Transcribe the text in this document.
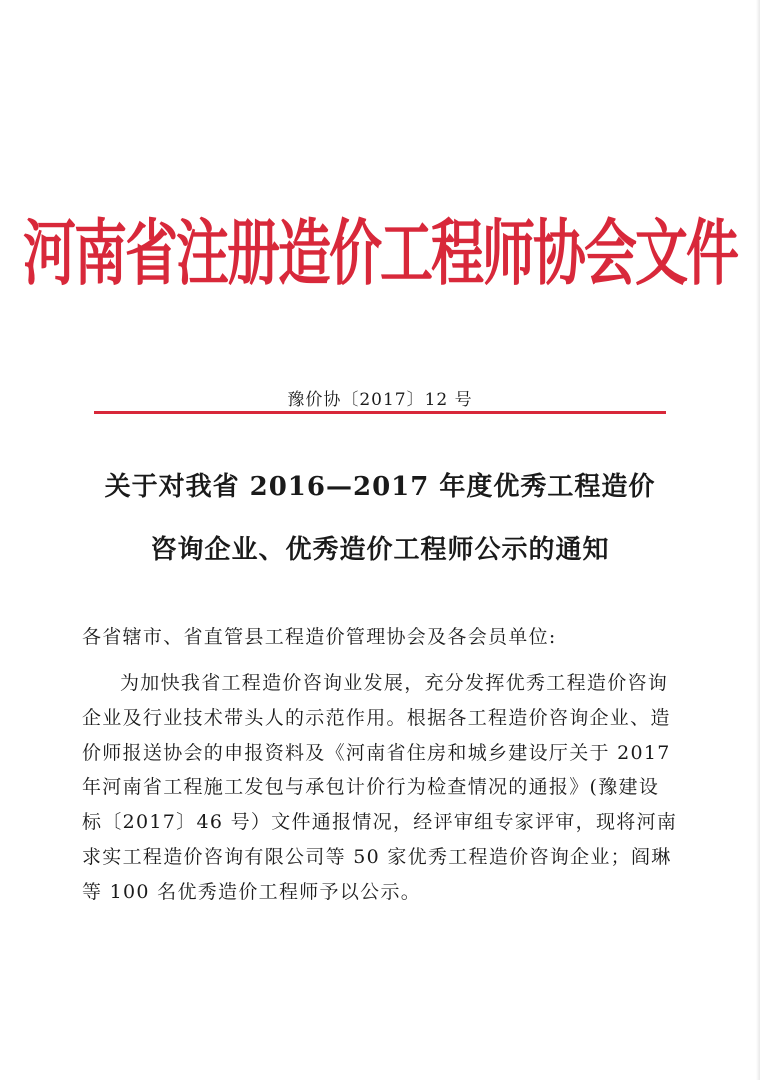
河南省注册造价工程师协会文件
豫价协〔2017〕12 号
关于对我省 2016—2017 年度优秀工程造价
咨询企业、优秀造价工程师公示的通知
各省辖市、省直管县工程造价管理协会及各会员单位:
为加快我省工程造价咨询业发展，充分发挥优秀工程造价咨询
企业及行业技术带头人的示范作用。根据各工程造价咨询企业、造
价师报送协会的申报资料及《河南省住房和城乡建设厅关于 2017
年河南省工程施工发包与承包计价行为检查情况的通报》(豫建设
标〔2017〕46 号）文件通报情况，经评审组专家评审，现将河南
求实工程造价咨询有限公司等 50 家优秀工程造价咨询企业；阎琳
等 100 名优秀造价工程师予以公示。
